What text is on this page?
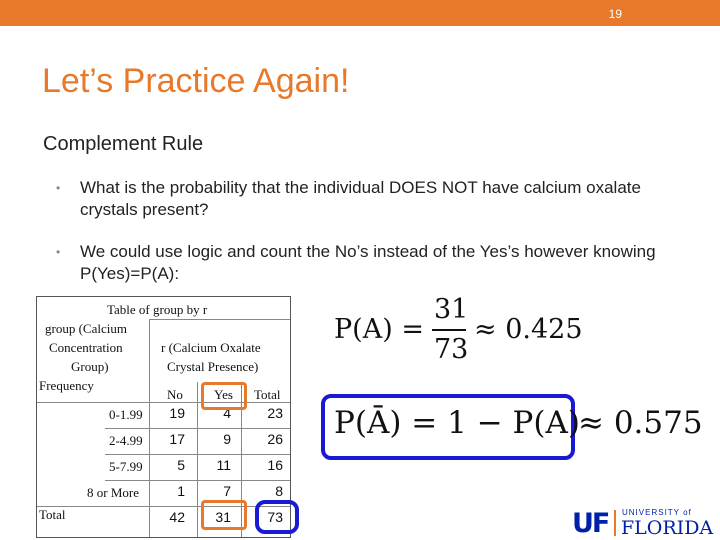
19
Let’s Practice Again!

Complement Rule

•	What is the probability that the individual DOES NOT have calcium oxalate crystals present?
•	We could use logic and count the No’s instead of the Yes’s however knowing P(Yes)=P(A):
Table of group by r
group (Calcium
Concentration
Group)
Frequency
r (Calcium Oxalate
Crystal Presence)
No Yes Total
0-1.99	19	4	23
2-4.99	17	9	26
5-7.99	5	11	16
8 or More	1	7	8
Total	42	31	73
P(A) =
31
73
≈ 0.425
P(Ā) = 1 − P(A)
≈ 0.575
UF UNIVERSITY of
FLORIDA
